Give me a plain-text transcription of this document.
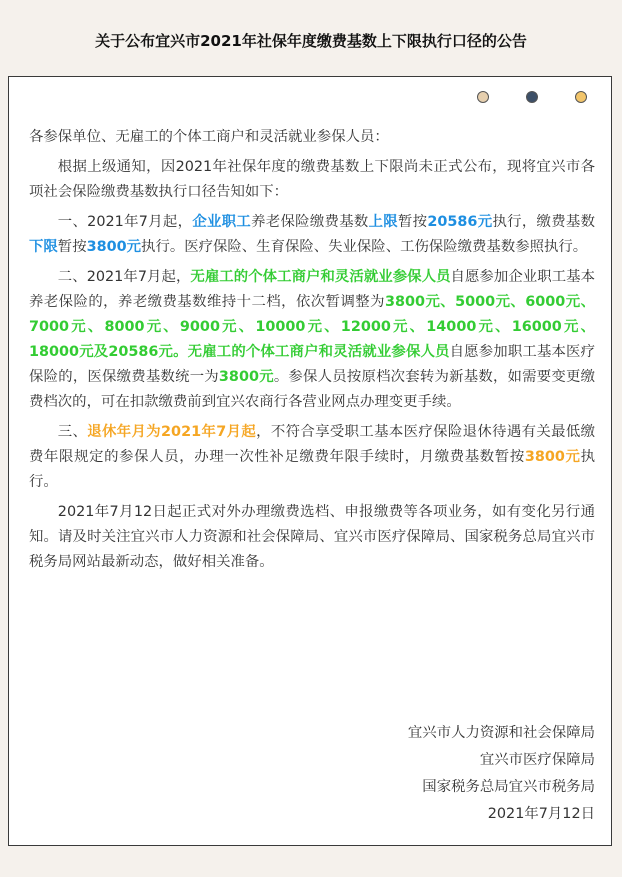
关于公布宜兴市2021年社保年度缴费基数上下限执行口径的公告

各参保单位、无雇工的个体工商户和灵活就业参保人员：

根据上级通知，因2021年社保年度的缴费基数上下限尚未正式公布，现将宜兴市各项社会保险缴费基数执行口径告知如下：

一、2021年7月起，企业职工养老保险缴费基数上限暂按20586元执行，缴费基数下限暂按3800元执行。医疗保险、生育保险、失业保险、工伤保险缴费基数参照执行。

二、2021年7月起，无雇工的个体工商户和灵活就业参保人员自愿参加企业职工基本养老保险的，养老缴费基数维持十二档，依次暂调整为3800元、5000元、6000元、7000元、8000元、9000元、10000元、12000元、14000元、16000元、18000元及20586元。无雇工的个体工商户和灵活就业参保人员自愿参加职工基本医疗保险的，医保缴费基数统一为3800元。参保人员按原档次套转为新基数，如需要变更缴费档次的，可在扣款缴费前到宜兴农商行各营业网点办理变更手续。

三、退休年月为2021年7月起，不符合享受职工基本医疗保险退休待遇有关最低缴费年限规定的参保人员，办理一次性补足缴费年限手续时，月缴费基数暂按3800元执行。

2021年7月12日起正式对外办理缴费选档、申报缴费等各项业务，如有变化另行通知。请及时关注宜兴市人力资源和社会保障局、宜兴市医疗保障局、国家税务总局宜兴市税务局网站最新动态，做好相关准备。

宜兴市人力资源和社会保障局
宜兴市医疗保障局
国家税务总局宜兴市税务局
2021年7月12日
